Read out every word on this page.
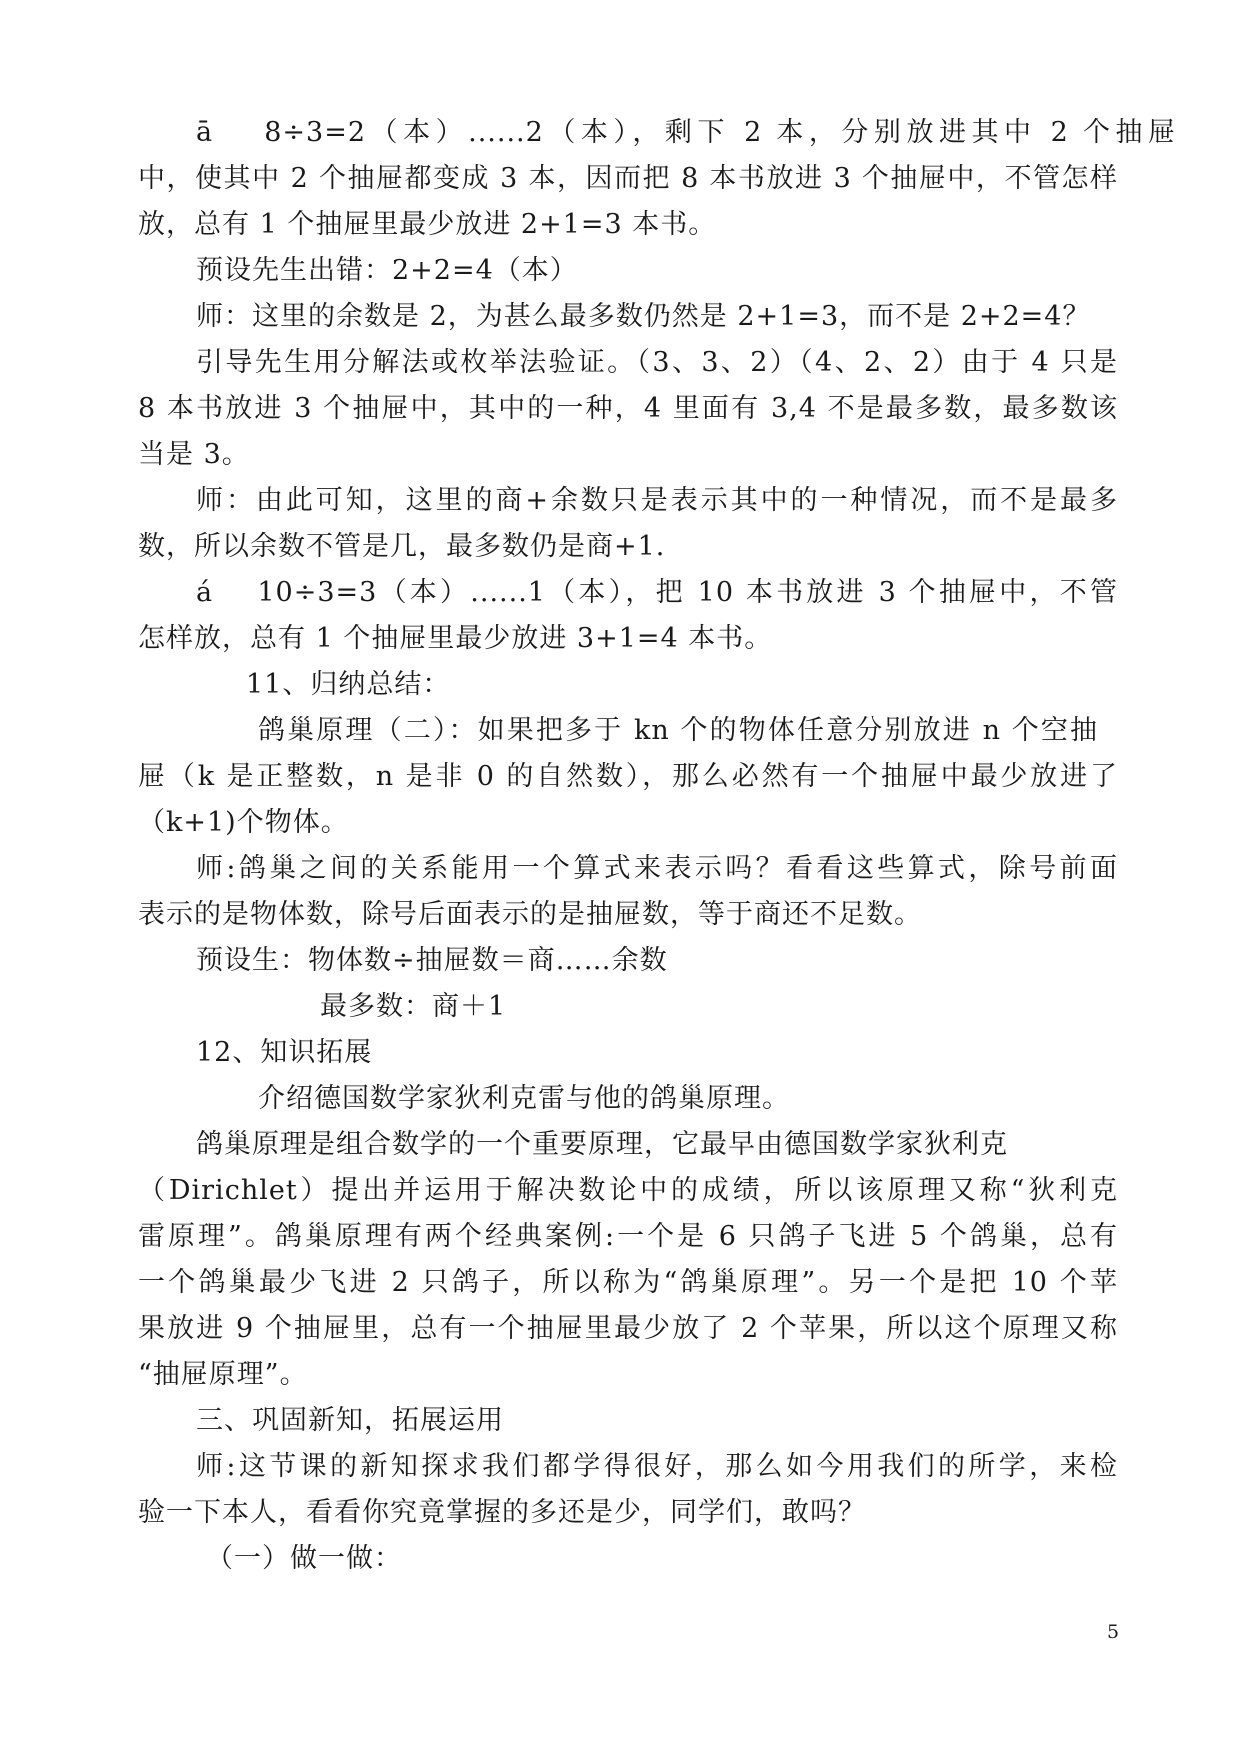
ā　 8÷3=2（本）......2（本），剩下 2 本，分别放进其中 2 个抽屉
中，使其中 2 个抽屉都变成 3 本，因而把 8 本书放进 3 个抽屉中，不管怎样
放，总有 1 个抽屉里最少放进 2+1=3 本书。
预设先生出错：2+2=4（本）
师：这里的余数是 2，为甚么最多数仍然是 2+1=3，而不是 2+2=4？
引导先生用分解法或枚举法验证。（3、3、2）（4、2、2）由于 4 只是
8 本书放进 3 个抽屉中，其中的一种，4 里面有 3,4 不是最多数，最多数该
当是 3。
师：由此可知，这里的商+余数只是表示其中的一种情况，而不是最多
数，所以余数不管是几，最多数仍是商+1.
á　 10÷3=3（本）......1（本），把 10 本书放进 3 个抽屉中，不管
怎样放，总有 1 个抽屉里最少放进 3+1=4 本书。
11、归纳总结：
鸽巢原理（二）：如果把多于 kn 个的物体任意分别放进 n 个空抽
屉（k 是正整数，n 是非 0 的自然数），那么必然有一个抽屉中最少放进了
（k+1)个物体。
师:鸽巢之间的关系能用一个算式来表示吗？看看这些算式，除号前面
表示的是物体数，除号后面表示的是抽屉数，等于商还不足数。
预设生：物体数÷抽屉数＝商……余数
最多数：商＋1
12、知识拓展
介绍德国数学家狄利克雷与他的鸽巢原理。
鸽巢原理是组合数学的一个重要原理，它最早由德国数学家狄利克
（Dirichlet）提出并运用于解决数论中的成绩，所以该原理又称“狄利克
雷原理”。鸽巢原理有两个经典案例:一个是 6 只鸽子飞进 5 个鸽巢，总有
一个鸽巢最少飞进 2 只鸽子，所以称为“鸽巢原理”。另一个是把 10 个苹
果放进 9 个抽屉里，总有一个抽屉里最少放了 2 个苹果，所以这个原理又称
“抽屉原理”。
三、巩固新知，拓展运用
师:这节课的新知探求我们都学得很好，那么如今用我们的所学，来检
验一下本人，看看你究竟掌握的多还是少，同学们，敢吗？
（一）做一做：
5
